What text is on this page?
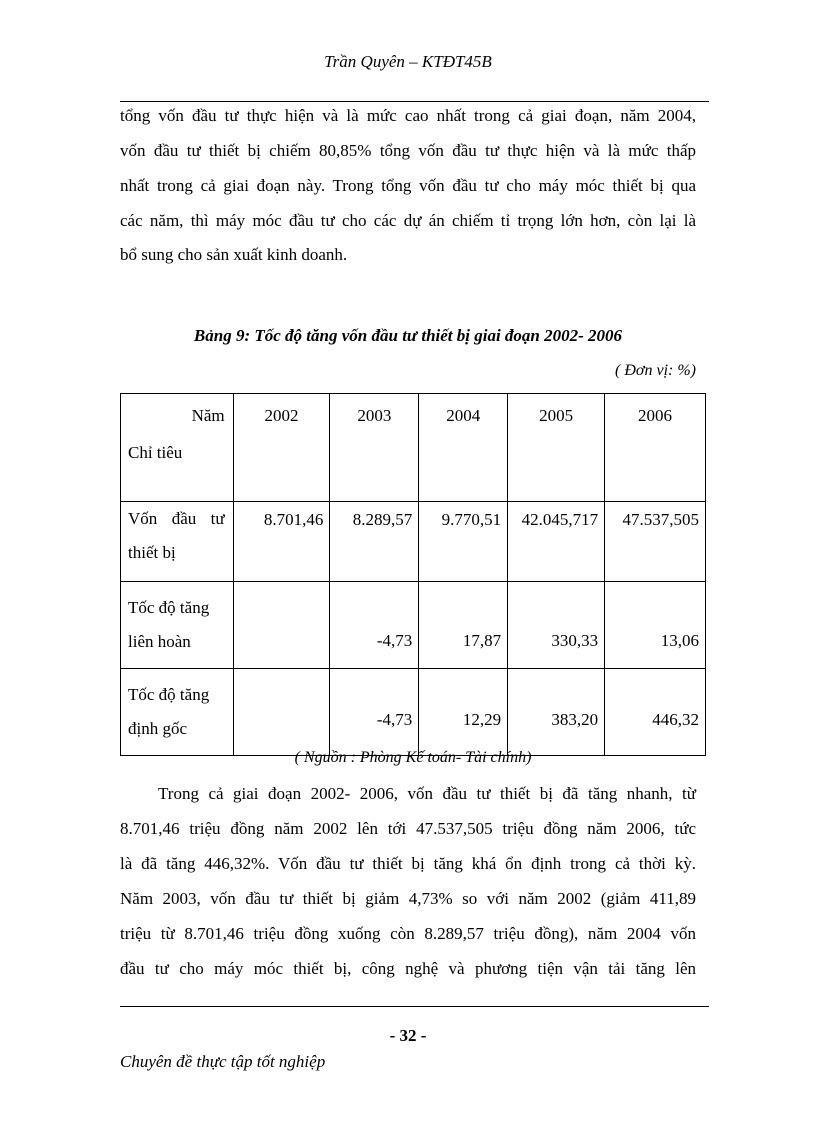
Trần Quyên – KTĐT45B
tổng vốn đầu tư thực hiện và là mức cao nhất trong cả giai đoạn, năm 2004,
vốn đầu tư thiết bị chiếm 80,85% tổng vốn đầu tư thực hiện và là mức thấp
nhất trong cả giai đoạn này. Trong tổng vốn đầu tư cho máy móc thiết bị qua
các năm, thì máy móc đầu tư cho các dự án chiếm tỉ trọng lớn hơn, còn lại là
bổ sung cho sản xuất kinh doanh.
Bảng 9: Tốc độ tăng vốn đầu tư thiết bị giai đoạn 2002- 2006
( Đơn vị: %)
Năm
Chỉ tiêu	2002	2003	2004	2005	2006

Vốn đầu tư
thiết bị	8.701,46	8.289,57	9.770,51	42.045,717	47.537,505

Tốc độ tăng
liên hoàn		-4,73	17,87	330,33	13,06

Tốc độ tăng
định gốc		-4,73	12,29	383,20	446,32
( Nguồn : Phòng Kế toán- Tài chính)
Trong cả giai đoạn 2002- 2006, vốn đầu tư thiết bị đã tăng nhanh, từ
8.701,46 triệu đồng năm 2002 lên tới 47.537,505 triệu đồng năm 2006, tức
là đã tăng 446,32%. Vốn đầu tư thiết bị tăng khá ổn định trong cả thời kỳ.
Năm 2003, vốn đầu tư thiết bị giảm 4,73% so với năm 2002 (giảm 411,89
triệu từ 8.701,46 triệu đồng xuống còn 8.289,57 triệu đồng), năm 2004 vốn
đầu tư cho máy móc thiết bị, công nghệ và phương tiện vận tải tăng lên
- 32 -
Chuyên đề thực tập tốt nghiệp
